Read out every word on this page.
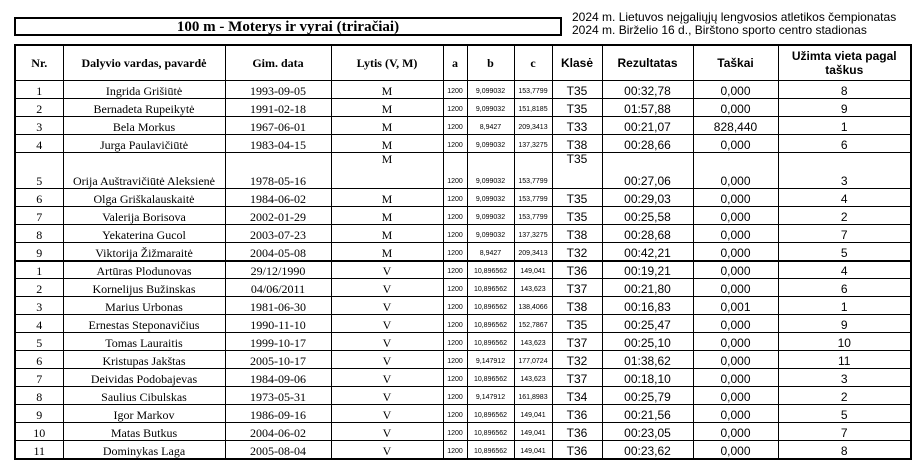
100 m - Moterys ir vyrai (triračiai)
2024 m. Lietuvos neįgaliųjų lengvosios atletikos čempionatas
2024 m. Birželio 16 d., Birštono sporto centro stadionas
Nr.	Dalyvio vardas, pavardė	Gim. data	Lytis (V, M)	a	b	c	Klasė	Rezultatas	Taškai	Užimta vieta pagal taškus
1	Ingrida Grišiūtė	1993-09-05	M	1200	9,099032	153,7799	T35	00:32,78	0,000	8
2	Bernadeta Rupeikytė	1991-02-18	M	1200	9,099032	151,8185	T35	01:57,88	0,000	9
3	Bela Morkus	1967-06-01	M	1200	8,9427	209,3413	T33	00:21,07	828,440	1
4	Jurga Paulavičiūtė	1983-04-15	M	1200	9,099032	137,3275	T38	00:28,66	0,000	6
5	Orija Auštravičiūtė Aleksienė	1978-05-16	M	1200	9,099032	153,7799	T35	00:27,06	0,000	3
6	Olga Griškalauskaitė	1984-06-02	M	1200	9,099032	153,7799	T35	00:29,03	0,000	4
7	Valerija Borisova	2002-01-29	M	1200	9,099032	153,7799	T35	00:25,58	0,000	2
8	Yekaterina Gucol	2003-07-23	M	1200	9,099032	137,3275	T38	00:28,68	0,000	7
9	Viktorija Žižmaraitė	2004-05-08	M	1200	8,9427	209,3413	T32	00:42,21	0,000	5
1	Artūras Plodunovas	29/12/1990	V	1200	10,896562	149,041	T36	00:19,21	0,000	4
2	Kornelijus Bužinskas	04/06/2011	V	1200	10,896562	143,623	T37	00:21,80	0,000	6
3	Marius Urbonas	1981-06-30	V	1200	10,896562	138,4066	T38	00:16,83	0,001	1
4	Ernestas Steponavičius	1990-11-10	V	1200	10,896562	152,7867	T35	00:25,47	0,000	9
5	Tomas Lauraitis	1999-10-17	V	1200	10,896562	143,623	T37	00:25,10	0,000	10
6	Kristupas Jakštas	2005-10-17	V	1200	9,147912	177,0724	T32	01:38,62	0,000	11
7	Deividas Podobajevas	1984-09-06	V	1200	10,896562	143,623	T37	00:18,10	0,000	3
8	Saulius Cibulskas	1973-05-31	V	1200	9,147912	161,8983	T34	00:25,79	0,000	2
9	Igor Markov	1986-09-16	V	1200	10,896562	149,041	T36	00:21,56	0,000	5
10	Matas Butkus	2004-06-02	V	1200	10,896562	149,041	T36	00:23,05	0,000	7
11	Dominykas Laga	2005-08-04	V	1200	10,896562	149,041	T36	00:23,62	0,000	8
